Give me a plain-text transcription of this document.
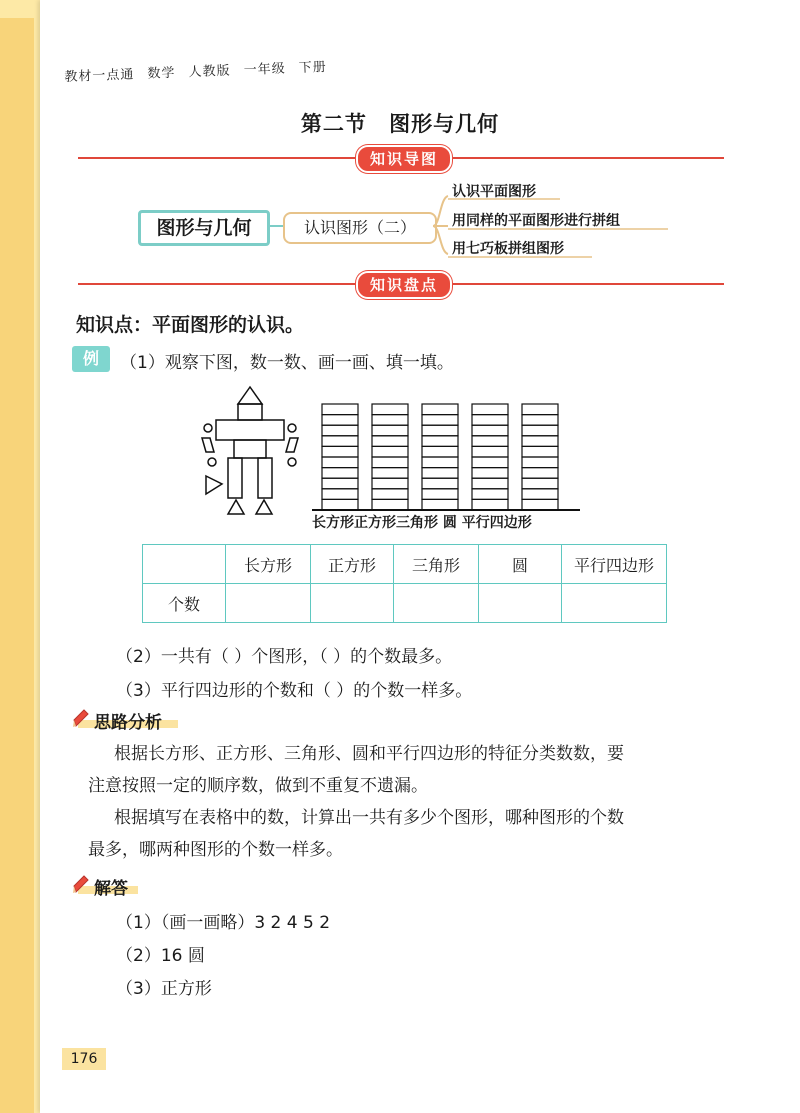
教材一点通 数学 人教版 一年级 下册
第二节 图形与几何
知识导图
图形与几何	认识图形（二）
认识平面图形
用同样的平面图形进行拼组
用七巧板拼组图形
知识盘点
知识点：平面图形的认识。
例	（1）观察下图，数一数、画一画、填一填。
长方形正方形三角形 圆 平行四边形
	长方形	正方形	三角形	圆	平行四边形
个数					
（2）一共有（ ）个图形，（ ）的个数最多。
（3）平行四边形的个数和（ ）的个数一样多。
思路分析
根据长方形、正方形、三角形、圆和平行四边形的特征分类数数，要
注意按照一定的顺序数，做到不重复不遗漏。
根据填写在表格中的数，计算出一共有多少个图形，哪种图形的个数
最多，哪两种图形的个数一样多。
解答
（1）（画一画略）3 2 4 5 2
（2）16 圆
（3）正方形
176
